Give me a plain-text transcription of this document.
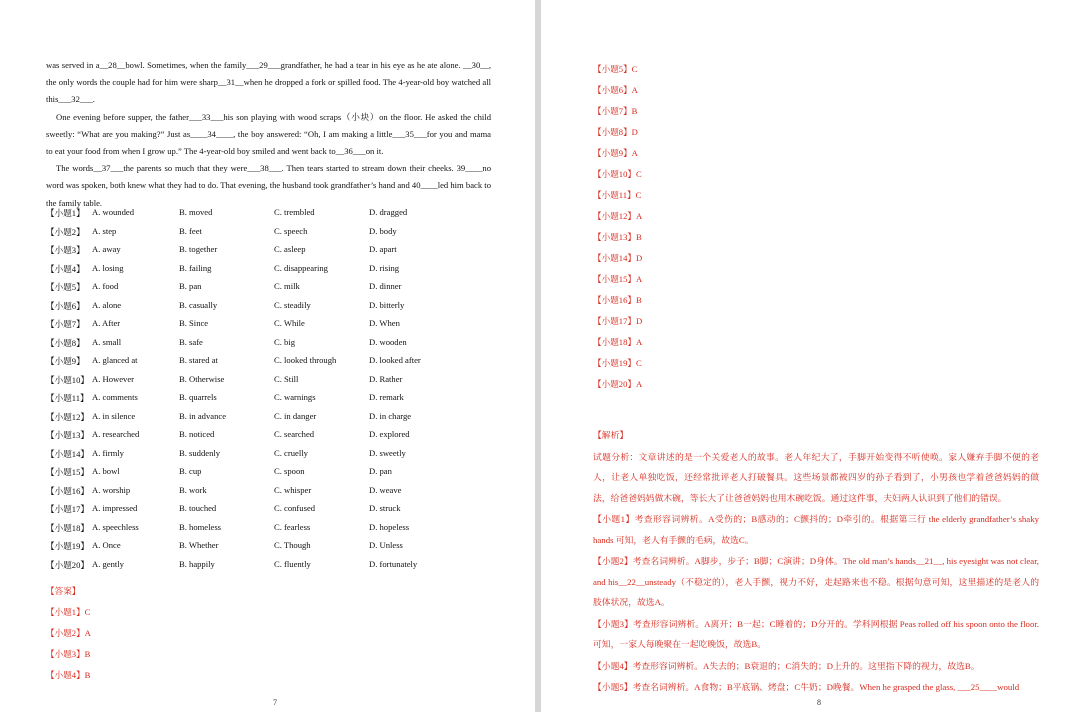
was served in a__28__bowl. Sometimes, when the family___29___grandfather, he had a tear in his eye as he ate alone. __30__, the only words the couple had for him were sharp__31__when he dropped a fork or spilled food. The 4-year-old boy watched all this___32___.

One evening before supper, the father___33___his son playing with wood scraps（小块）on the floor. He asked the child sweetly: “What are you making?” Just as____34____, the boy answered: “Oh, I am making a little___35___for you and mama to eat your food from when I grow up.” The 4-year-old boy smiled and went back to__36___on it.

The words__37___the parents so much that they were___38___. Then tears started to stream down their cheeks. 39____no word was spoken, both knew what they had to do. That evening, the husband took grandfather’s hand and 40____led him back to the family table.

【小题1】 A. wounded	B. moved	C. trembled	D. dragged
【小题2】 A. step	B. feet	C. speech	D. body
【小题3】 A. away	B. together	C. asleep	D. apart
【小题4】 A. losing	B. failing	C. disappearing	D. rising
【小题5】 A. food	B. pan	C. milk	D. dinner
【小题6】 A. alone	B. casually	C. steadily	D. bitterly
【小题7】 A. After	B. Since	C. While	D. When
【小题8】 A. small	B. safe	C. big	D. wooden
【小题9】 A. glanced at	B. stared at	C. looked through	D. looked after
【小题10】 A. However	B. Otherwise	C. Still	D. Rather
【小题11】 A. comments	B. quarrels	C. warnings	D. remark
【小题12】 A. in silence	B. in advance	C. in danger	D. in charge
【小题13】 A. researched	B. noticed	C. searched	D. explored
【小题14】 A. firmly	B. suddenly	C. cruelly	D. sweetly
【小题15】 A. bowl	B. cup	C. spoon	D. pan
【小题16】 A. worship	B. work	C. whisper	D. weave
【小题17】 A. impressed	B. touched	C. confused	D. struck
【小题18】 A. speechless	B. homeless	C. fearless	D. hopeless
【小题19】 A. Once	B. Whether	C. Though	D. Unless
【小题20】 A. gently	B. happily	C. fluently	D. fortunately
【答案】
【小题1】C
【小题2】A
【小题3】B
【小题4】B
7
【小题5】C
【小题6】A
【小题7】B
【小题8】D
【小题9】A
【小题10】C
【小题11】C
【小题12】A
【小题13】B
【小题14】D
【小题15】A
【小题16】B
【小题17】D
【小题18】A
【小题19】C
【小题20】A

【解析】

试题分析：文章讲述的是一个关爱老人的故事。老人年纪大了，手脚开始变得不听使唤。家人嫌弃手脚不便的老人，让老人单独吃饭，还经常批评老人打破餐具。这些场景都被四岁的孙子看到了，小男孩也学着爸爸妈妈的做法，给爸爸妈妈做木碗，等长大了让爸爸妈妈也用木碗吃饭。通过这件事，夫妇两人认识到了他们的错误。

【小题1】考查形容词辨析。A受伤的；B感动的；C颤抖的；D牵引的。根据第三行 the elderly grandfather’s shaky hands 可知，老人有手颤的毛病，故选C。

【小题2】考查名词辨析。A脚步，步子；B脚；C演讲；D身体。The old man’s hands__21__, his eyesight was not clear, and his__22__unsteady（不稳定的），老人手颤，视力不好，走起路来也不稳。根据句意可知，这里描述的是老人的肢体状况，故选A。

【小题3】考查形容词辨析。A离开；B一起；C睡着的；D分开的。学科网根据 Peas rolled off his spoon onto the floor.可知，一家人每晚聚在一起吃晚饭，故选B。

【小题4】考查形容词辨析。A失去的；B衰退的；C消失的；D上升的。这里指下降的视力，故选B。

【小题5】考查名词辨析。A食物；B平底锅、烤盘；C牛奶；D晚餐。When he grasped the glass, ___25____would

8
